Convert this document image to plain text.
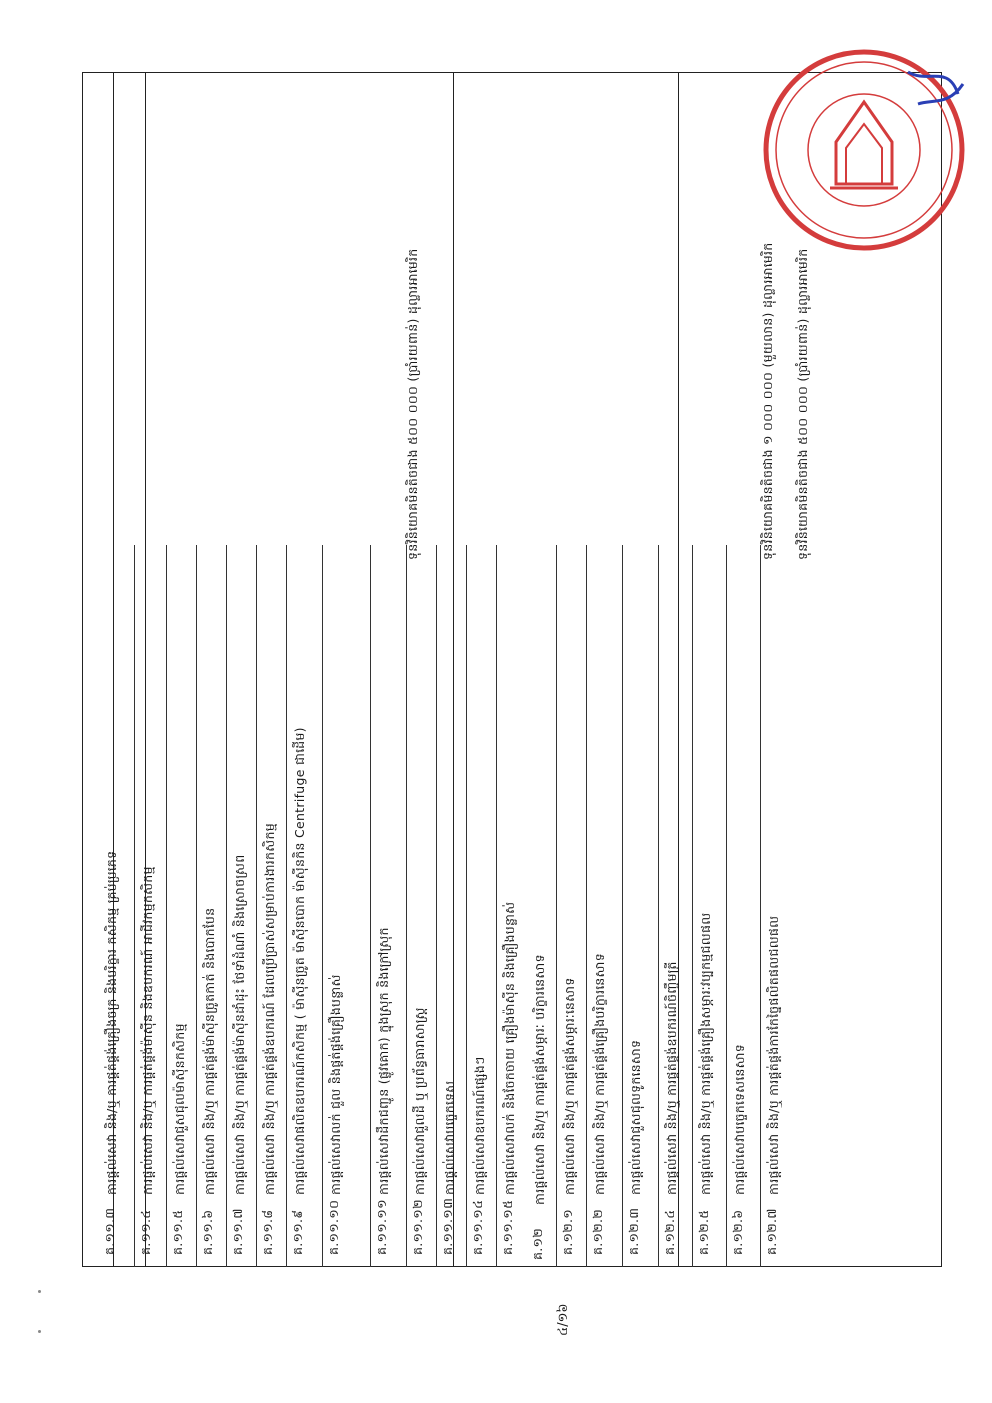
គ.១១.៣
ការផ្តល់សេវា និង/ឬ ការផ្គត់ផ្គង់គ្រឿងចក្រ និងបរិក្ខារ កសិកម្ម គ្រប់ប្រភេទ
គ.១១.៤
ការផ្តល់សេវា និង/ឬ ការផ្គត់ផ្គង់ម៉ាស៊ីន និងឧបករណ៍ អាជីវកម្មកសិកម្ម
គ.១១.៥
ការផ្តល់សេវាជួសជុលម៉ាស៊ីនកសិកម្ម
គ.១១.៦
ការផ្តល់សេវា និង/ឬ ការផ្គត់ផ្គង់ម៉ាស៊ីនច្រូតកាត់ និងបោកបែន
គ.១១.៧
ការផ្តល់សេវា និង/ឬ ការផ្គត់ផ្គង់ម៉ាស៊ីនដាំដុះ ថែទាំដំណាំ និងស្រោចស្រព
គ.១១.៨
ការផ្តល់សេវា និង/ឬ ការផ្គត់ផ្គង់ឧបករណ៍ ដែលប្រើប្រាស់សម្រាប់ការងារកសិកម្ម
គ.១១.៩
ការផ្តល់សេវាផលិតឧបករណ៍កសិកម្ម ( ម៉ាស៊ីនច្រូត ម៉ាស៊ីនបោក ម៉ាស៊ីនកិន Centrifuge ជាដើម)
គ.១១.១០
ការផ្តល់សេវាលក់ ជួល និងផ្គត់ផ្គង់គ្រឿងបន្លាស់
គ.១១.១១
ការផ្តល់សេវាដឹកជញ្ជូន (ផ្លូវគោក) ក្នុងស្រុក និងក្រៅស្រុក
គ.១១.១២
ការផ្តល់សេវាជួលដី ឬ ប្រព័ន្ធធារាសាស្ត្រ
គ.១១.១៣
ការផ្តល់សេវាបច្ចេកទេស
គ.១១.១៤
ការផ្តល់សេវាឧបករណ៍ផ្សេងៗ
គ.១១.១៥
ការផ្តល់សេវាលក់ និងចែកចាយ គ្រឿងម៉ាស៊ីន និងគ្រឿងបន្លាស់
គ.១២
ការផ្តល់សេវា និង/ឬ ការផ្គត់ផ្គង់សម្ភារៈ បរិក្ខារនេសាទ
គ.១២.១
ការផ្តល់សេវា និង/ឬ ការផ្គត់ផ្គង់សម្ភារៈនេសាទ
គ.១២.២
ការផ្តល់សេវា និង/ឬ ការផ្គត់ផ្គង់គ្រឿងបរិក្ខារនេសាទ
គ.១២.៣
ការផ្តល់សេវាជួសជុលទូកនេសាទ
គ.១២.៤
ការផ្តល់សេវា និង/ឬ ការផ្គត់ផ្គង់ឧបករណ៍ចិញ្ចឹមត្រី
គ.១២.៥
ការផ្តល់សេវា និង/ឬ ការផ្គត់ផ្គង់គ្រឿងសម្ភារៈវប្បកម្មជលផល
គ.១២.៦
ការផ្តល់សេវាបច្ចេកទេសនេសាទ
គ.១២.៧
ការផ្តល់សេវា និង/ឬ ការផ្គត់ផ្គង់ការកែច្នៃផលិតផលជលផល
ទុនវិនិយោគមិនតិចជាង ៥០០ ០០០ (ប្រាំរយពាន់) ដុល្លារអាមេរិក
ទុនវិនិយោគមិនតិចជាង ១ ០០០ ០០០ (មួយលាន) ដុល្លារអាមេរិក
ទុនវិនិយោគមិនតិចជាង ៥០០ ០០០ (ប្រាំរយពាន់) ដុល្លារអាមេរិក
៤/១៦
